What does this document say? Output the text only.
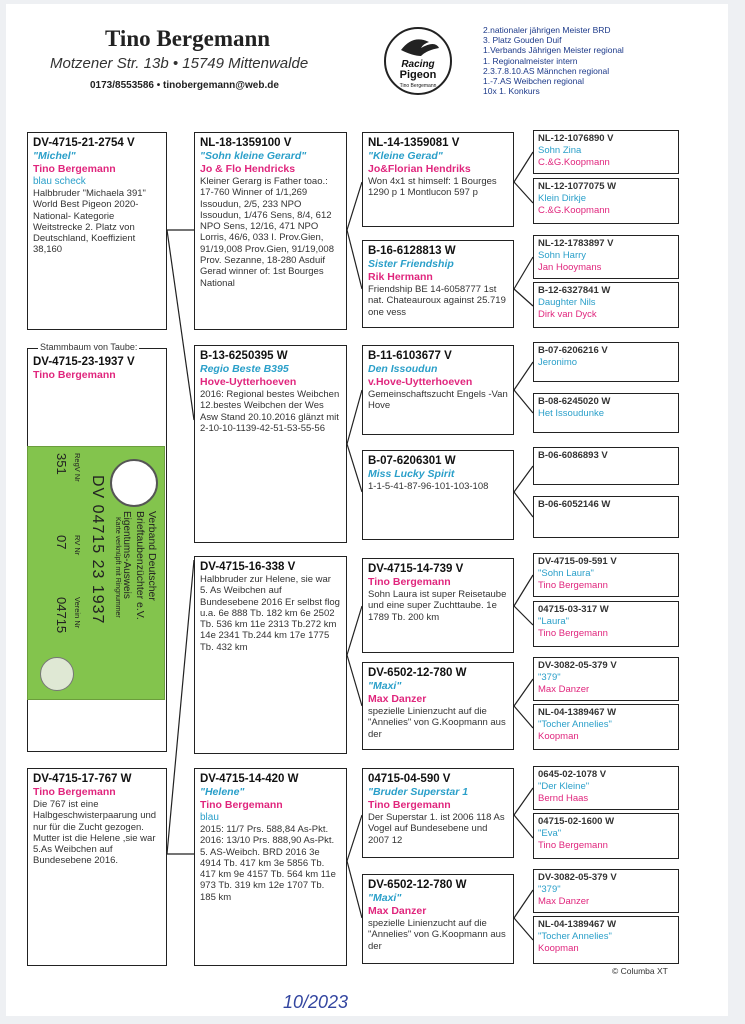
Tino Bergemann
Motzener Str. 13b • 15749 Mittenwalde
0173/8553586 • tinobergemann@web.de
Racing
Pigeon
Tino Bergemann
2.nationaler jährigen Meister BRD
3. Platz Gouden Duif
1.Verbands Jährigen Meister regional
1. Regionalmeister intern
2.3.7.8.10.AS Männchen regional
1.-7.AS Weibchen regional
10x 1. Konkurs
DV-4715-21-2754 V
"Michel"
Tino Bergemann
blau scheck
Halbbruder "Michaela 391" World Best Pigeon 2020- National- Kategorie Weitstrecke 2. Platz von Deutschland, Koeffizient 38,160
DV-4715-23-1937 V
Tino Bergemann
Stammbaum von Taube:
Verband Deutscher
Brieftaubenzüchter e.V.
Eigentums-Ausweis
Karte verknüpft mit Ringnummer
DV 04715 23 1937
RegV Nr
351
RV Nr
07
Verein Nr
04715
DV-4715-17-767 W
Tino Bergemann
Die 767 ist eine Halbgeschwisterpaarung und nur für die Zucht gezogen. Mutter ist die Helene ,sie war 5.As Weibchen auf Bundesebene 2016.
NL-18-1359100 V
"Sohn kleine Gerard"
Jo & Flo Hendricks
Kleiner Gerarg is Father toao.: 17-760 Winner of 1/1,269 Issoudun, 2/5, 233 NPO Issoudun, 1/476 Sens, 8/4, 612 NPO Sens, 12/16, 471 NPO Lorris, 46/6, 033 I. Prov.Gien, 91/19,008 Prov.Gien, 91/19,008 Prov. Sezanne, 18-280 Asduif Gerad winner of: 1st Bourges National
B-13-6250395 W
Regio Beste B395
Hove-Uytterhoeven
2016: Regional bestes Weibchen 12.bestes Weibchen der Wes Asw Stand 20.10.2016 glänzt mit 2-10-10-1139-42-51-53-55-56
DV-4715-16-338 V
Halbbruder zur Helene, sie war 5. As Weibchen auf Bundesebene 2016 Er selbst flog u.a. 6e 888 Tb. 182 km 6e 2502 Tb. 536 km 11e 2313 Tb.272 km 14e 2341 Tb.244 km 17e 1775 Tb. 432 km
DV-4715-14-420 W
"Helene"
Tino Bergemann
blau
2015: 11/7 Prs. 588,84 As-Pkt. 2016: 13/10 Prs. 888,90 As-Pkt. 5. AS-Weibch. BRD 2016 3e 4914 Tb. 417 km 3e 5856 Tb. 417 km 9e 4157 Tb. 564 km 11e 973 Tb. 319 km 12e 1707 Tb. 185 km
NL-14-1359081 V
"Kleine Gerad"
Jo&Florian Hendriks
Won 4x1 st himself: 1 Bourges 1290 p 1 Montlucon 597 p
B-16-6128813 W
Sister Friendship
Rik Hermann
Friendship BE 14-6058777 1st nat. Chateauroux against 25.719 one vess
B-11-6103677 V
Den Issoudun
v.Hove-Uytterhoeven
Gemeinschaftszucht Engels -Van Hove
B-07-6206301 W
Miss Lucky Spirit
1-1-5-41-87-96-101-103-108
DV-4715-14-739 V
Tino Bergemann
Sohn Laura ist super Reisetaube und eine super Zuchttaube. 1e 1789 Tb. 200 km
DV-6502-12-780 W
"Maxi"
Max Danzer
spezielle Linienzucht auf die "Annelies" von G.Koopmann aus der
04715-04-590 V
"Bruder Superstar 1
Tino Bergemann
Der Superstar 1. ist 2006 118 As Vogel auf Bundesebene und 2007 12
DV-6502-12-780 W
"Maxi"
Max Danzer
spezielle Linienzucht auf die "Annelies" von G.Koopmann aus der
NL-12-1076890 V
Sohn Zina
C.&G.Koopmann
NL-12-1077075 W
Klein Dirkje
C.&G.Koopmann
NL-12-1783897 V
Sohn Harry
Jan Hooymans
B-12-6327841 W
Daughter Nils
Dirk van Dyck
B-07-6206216 V
Jeronimo
B-08-6245020 W
Het Issoudunke
B-06-6086893 V
B-06-6052146 W
DV-4715-09-591 V
"Sohn Laura"
Tino Bergemann
04715-03-317 W
"Laura"
Tino Bergemann
DV-3082-05-379 V
"379"
Max Danzer
NL-04-1389467 W
"Tocher Annelies"
Koopman
0645-02-1078 V
"Der Kleine"
Bernd Haas
04715-02-1600 W
"Eva"
Tino Bergemann
DV-3082-05-379 V
"379"
Max Danzer
NL-04-1389467 W
"Tocher Annelies"
Koopman
© Columba XT
10/2023
